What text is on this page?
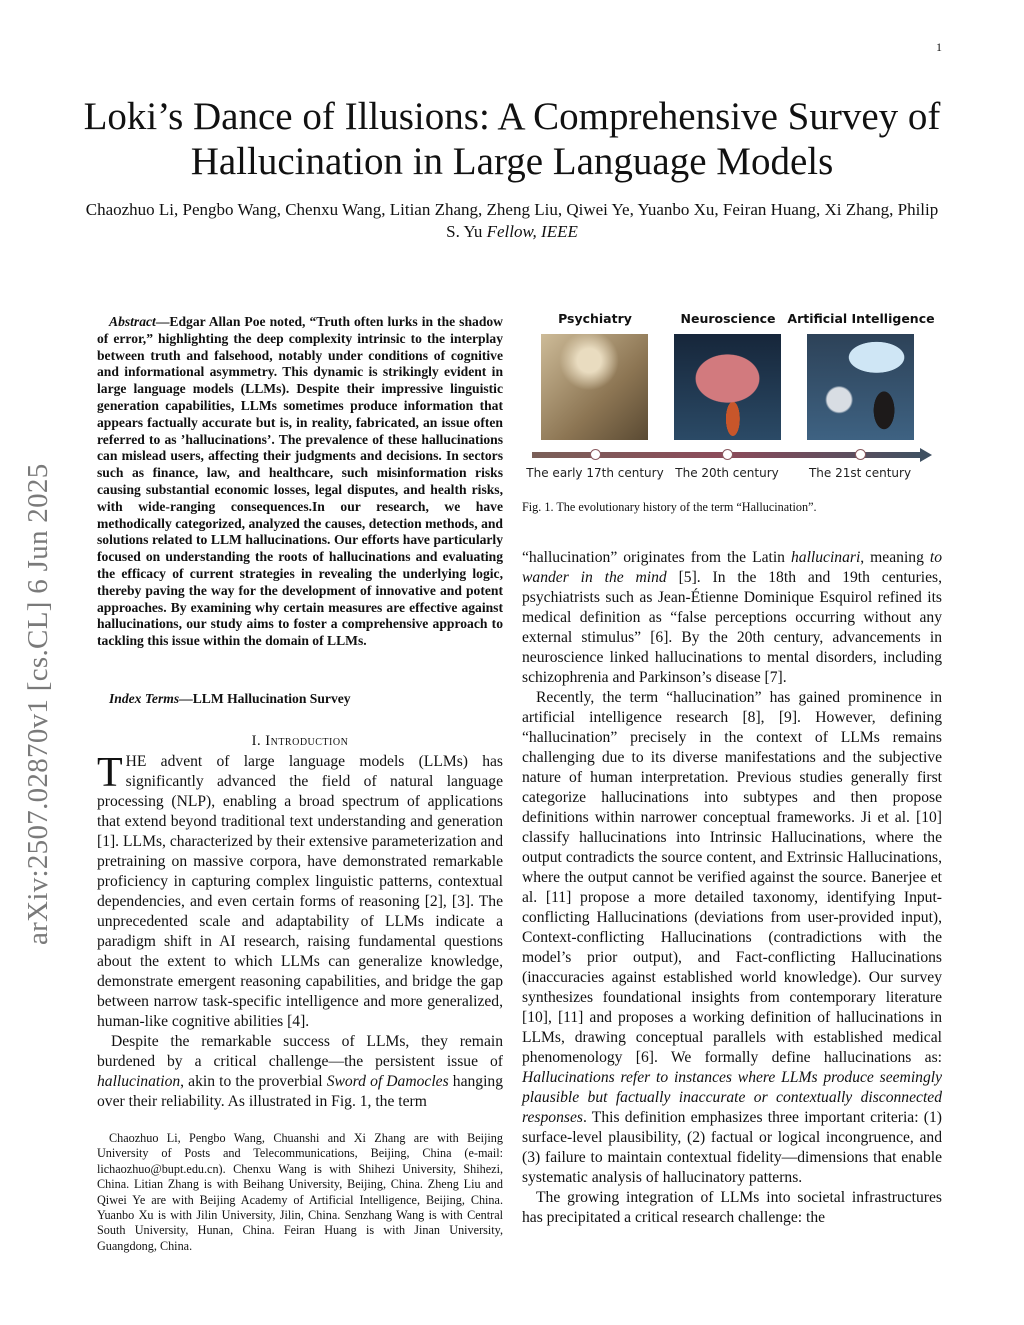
1
arXiv:2507.02870v1 [cs.CL] 6 Jun 2025
Loki’s Dance of Illusions: A Comprehensive Survey of Hallucination in Large Language Models
Chaozhuo Li, Pengbo Wang, Chenxu Wang, Litian Zhang, Zheng Liu, Qiwei Ye, Yuanbo Xu, Feiran Huang, Xi Zhang, Philip S. Yu Fellow, IEEE
Abstract—Edgar Allan Poe noted, “Truth often lurks in the shadow of error,” highlighting the deep complexity intrinsic to the interplay between truth and falsehood, notably under conditions of cognitive and informational asymmetry. This dynamic is strikingly evident in large language models (LLMs). Despite their impressive linguistic generation capabilities, LLMs sometimes produce information that appears factually accurate but is, in reality, fabricated, an issue often referred to as ’hallucinations’. The prevalence of these hallucinations can mislead users, affecting their judgments and decisions. In sectors such as finance, law, and healthcare, such misinformation risks causing substantial economic losses, legal disputes, and health risks, with wide-ranging consequences.In our research, we have methodically categorized, analyzed the causes, detection methods, and solutions related to LLM hallucinations. Our efforts have particularly focused on understanding the roots of hallucinations and evaluating the efficacy of current strategies in revealing the underlying logic, thereby paving the way for the development of innovative and potent approaches. By examining why certain measures are effective against hallucinations, our study aims to foster a comprehensive approach to tackling this issue within the domain of LLMs.
Index Terms—LLM Hallucination Survey
I. Introduction

THE advent of large language models (LLMs) has significantly advanced the field of natural language processing (NLP), enabling a broad spectrum of applications that extend beyond traditional text understanding and generation [1]. LLMs, characterized by their extensive parameterization and pretraining on massive corpora, have demonstrated remarkable proficiency in capturing complex linguistic patterns, contextual dependencies, and even certain forms of reasoning [2], [3]. The unprecedented scale and adaptability of LLMs indicate a paradigm shift in AI research, raising fundamental questions about the extent to which LLMs can generalize knowledge, demonstrate emergent reasoning capabilities, and bridge the gap between narrow task-specific intelligence and more generalized, human-like cognitive abilities [4].

Despite the remarkable success of LLMs, they remain burdened by a critical challenge—the persistent issue of hallucination, akin to the proverbial Sword of Damocles hanging over their reliability. As illustrated in Fig. 1, the term

Chaozhuo Li, Pengbo Wang, Chuanshi and Xi Zhang are with Beijing University of Posts and Telecommunications, Beijing, China (e-mail: lichaozhuo@bupt.edu.cn). Chenxu Wang is with Shihezi University, Shihezi, China. Litian Zhang is with Beihang University, Beijing, China. Zheng Liu and Qiwei Ye are with Beijing Academy of Artificial Intelligence, Beijing, China. Yuanbo Xu is with Jilin University, Jilin, China. Senzhang Wang is with Central South University, Hunan, China. Feiran Huang is with Jinan University, Guangdong, China.
Psychiatry	Neuroscience Artificial Intelligence
The early 17th century The 20th century	The 21st century
Fig. 1. The evolutionary history of the term “Hallucination”.

“hallucination” originates from the Latin hallucinari, meaning to wander in the mind [5]. In the 18th and 19th centuries, psychiatrists such as Jean-Étienne Dominique Esquirol refined its medical definition as “false perceptions occurring without any external stimulus” [6]. By the 20th century, advancements in neuroscience linked hallucinations to mental disorders, including schizophrenia and Parkinson’s disease [7].

Recently, the term “hallucination” has gained prominence in artificial intelligence research [8], [9]. However, defining “hallucination” precisely in the context of LLMs remains challenging due to its diverse manifestations and the subjective nature of human interpretation. Previous studies generally first categorize hallucinations into subtypes and then propose definitions within narrower conceptual frameworks. Ji et al. [10] classify hallucinations into Intrinsic Hallucinations, where the output contradicts the source content, and Extrinsic Hallucinations, where the output cannot be verified against the source. Banerjee et al. [11] propose a more detailed taxonomy, identifying Input-conflicting Hallucinations (deviations from user-provided input), Context-conflicting Hallucinations (contradictions with the model’s prior output), and Fact-conflicting Hallucinations (inaccuracies against established world knowledge). Our survey synthesizes foundational insights from contemporary literature [10], [11] and proposes a working definition of hallucinations in LLMs, drawing conceptual parallels with established medical phenomenology [6]. We formally define hallucinations as: Hallucinations refer to instances where LLMs produce seemingly plausible but factually inaccurate or contextually disconnected responses. This definition emphasizes three important criteria: (1) surface-level plausibility, (2) factual or logical incongruence, and (3) failure to maintain contextual fidelity—dimensions that enable systematic analysis of hallucinatory patterns.

The growing integration of LLMs into societal infrastructures has precipitated a critical research challenge: the
